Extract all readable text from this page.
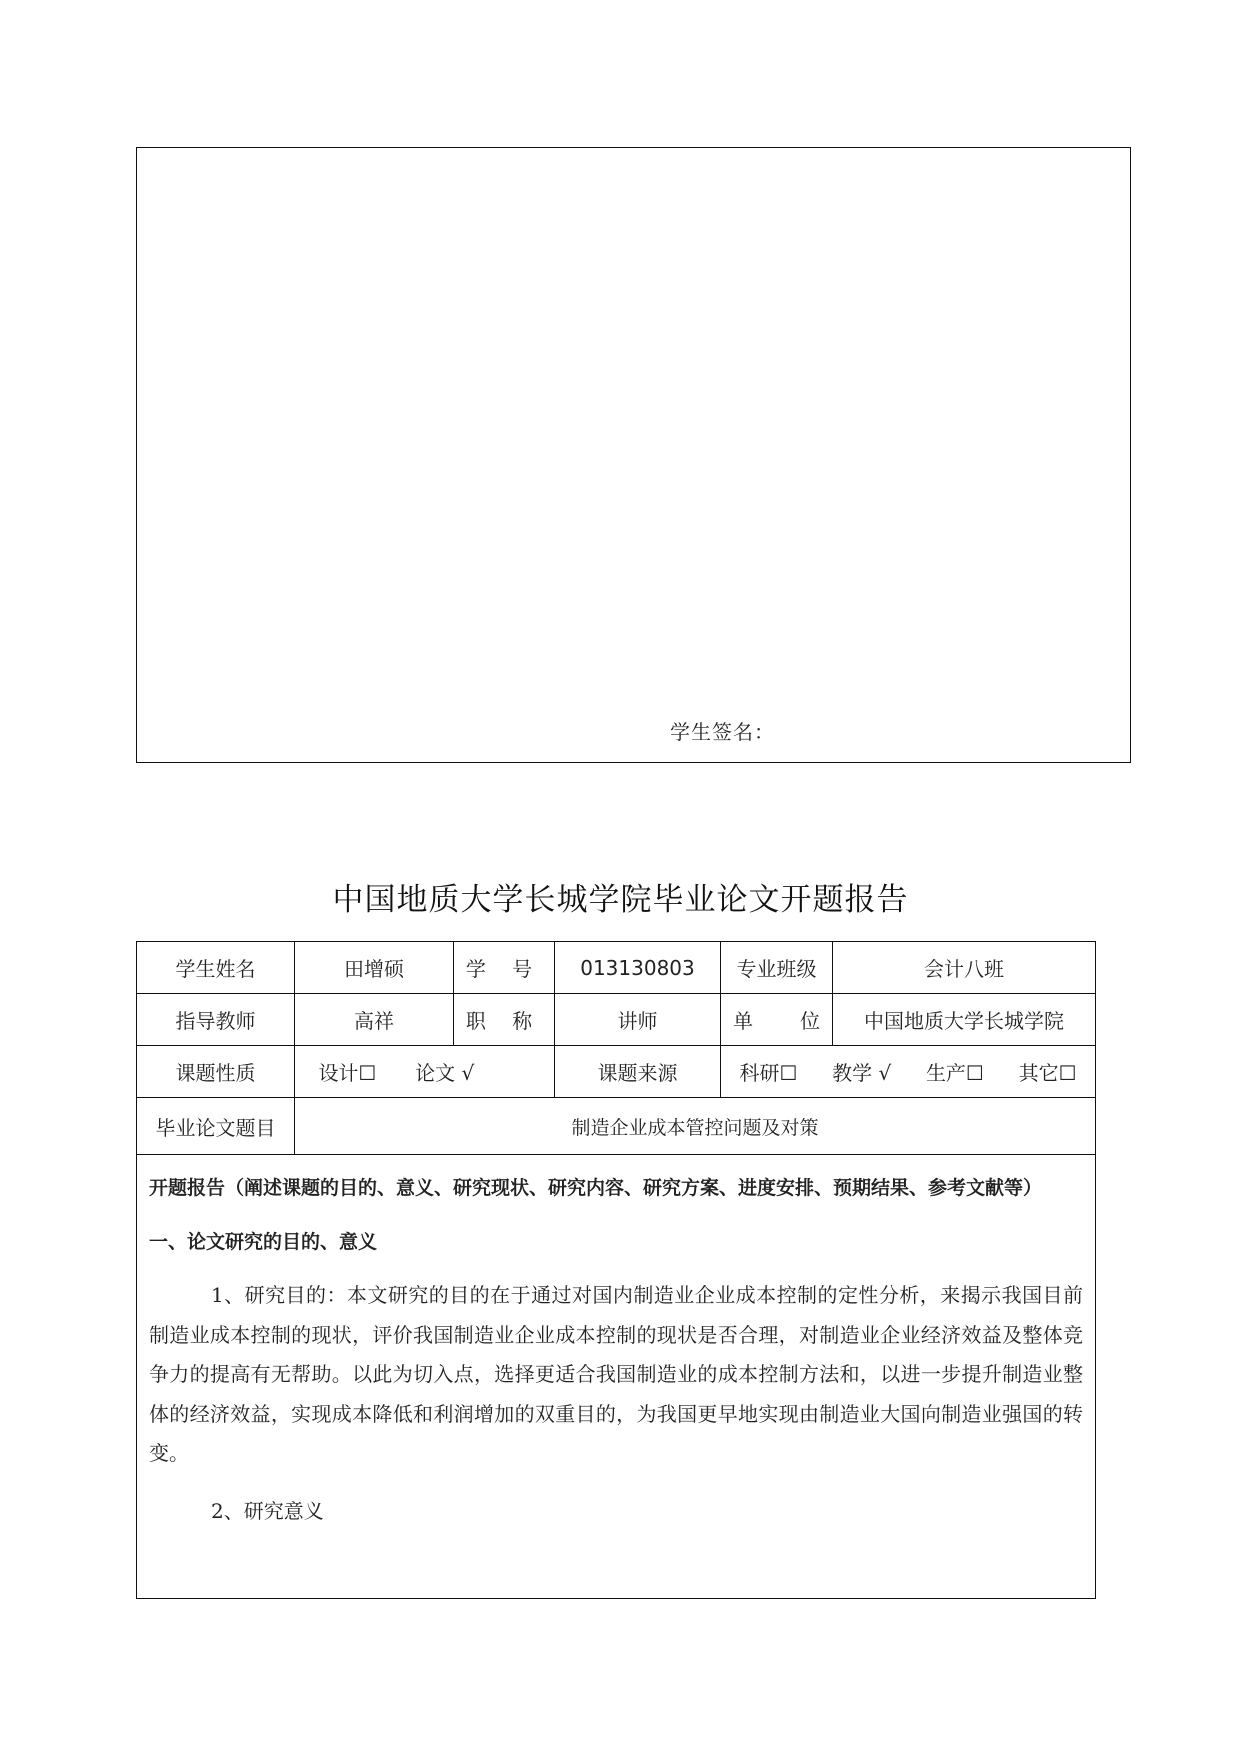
学生签名：
中国地质大学长城学院毕业论文开题报告
学生姓名	田增硕	学 号	013130803	专业班级	会计八班
指导教师	高祥	职 称	讲师	单 位	中国地质大学长城学院
课题性质	设计☐ 论文 √		课题来源	科研☐ 教学 √ 生产☐ 其它☐	
毕业论文题目	制造企业成本管控问题及对策				

开题报告（阐述课题的目的、意义、研究现状、研究内容、研究方案、进度安排、预期结果、参考文献等）

一、论文研究的目的、意义

1、研究目的：本文研究的目的在于通过对国内制造业企业成本控制的定性分析，来揭示我国目前制造业成本控制的现状，评价我国制造业企业成本控制的现状是否合理，对制造业企业经济效益及整体竞争力的提高有无帮助。以此为切入点，选择更适合我国制造业的成本控制方法和，以进一步提升制造业整体的经济效益，实现成本降低和利润增加的双重目的，为我国更早地实现由制造业大国向制造业强国的转变。

2、研究意义					
